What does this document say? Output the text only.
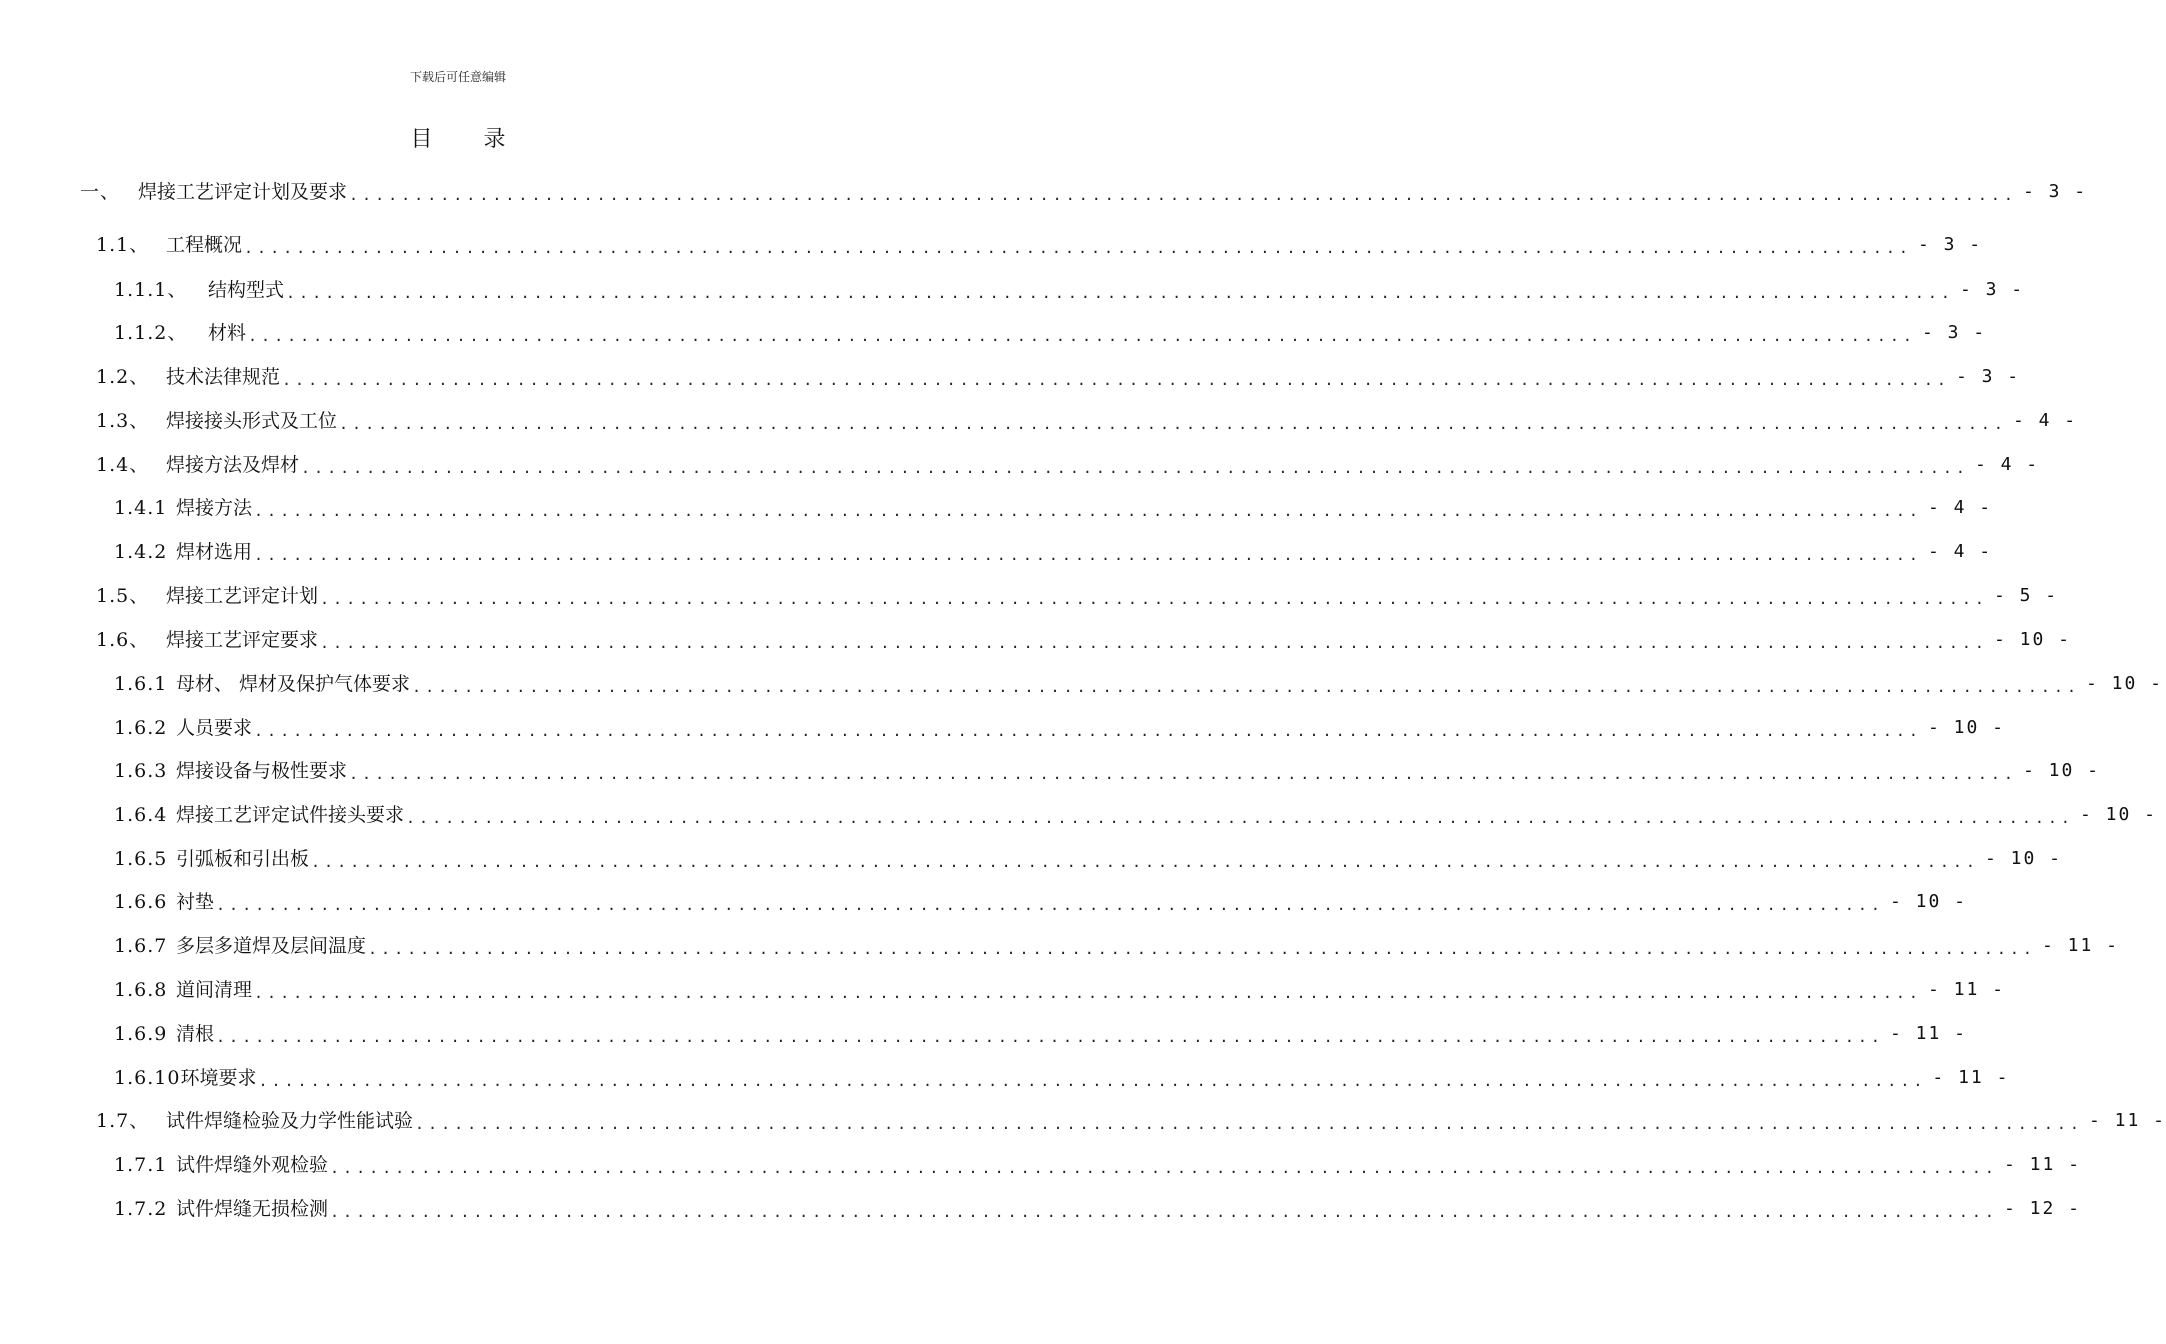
下载后可任意编辑
目 录
一、 焊接工艺评定计划及要求 ................................................................................................................................ - 3 -
1.1、 工程概况 ................................................................................................................................ - 3 -
1.1.1、	结构型式 ................................................................................................................................ - 3 -
1.1.2、	材料 ................................................................................................................................ - 3 -
1.2、 技术法律规范 ................................................................................................................................ - 3 -
1.3、 焊接接头形式及工位 ................................................................................................................................ - 4 -
1.4、 焊接方法及焊材 ................................................................................................................................ - 4 -
1.4.1 焊接方法 ................................................................................................................................ - 4 -
1.4.2 焊材选用 ................................................................................................................................ - 4 -
1.5、 焊接工艺评定计划 ................................................................................................................................ - 5 -
1.6、 焊接工艺评定要求 ................................................................................................................................ - 10 -
1.6.1 母材、 焊材及保护气体要求 ................................................................................................................................ - 10 -
1.6.2 人员要求 ................................................................................................................................ - 10 -
1.6.3 焊接设备与极性要求 ................................................................................................................................ - 10 -
1.6.4 焊接工艺评定试件接头要求 ................................................................................................................................ - 10 -
1.6.5 引弧板和引出板 ................................................................................................................................ - 10 -
1.6.6 衬垫 ................................................................................................................................ - 10 -
1.6.7 多层多道焊及层间温度 ................................................................................................................................ - 11 -
1.6.8 道间清理 ................................................................................................................................ - 11 -
1.6.9 清根 ................................................................................................................................ - 11 -
1.6.10 环境要求 ................................................................................................................................ - 11 -
1.7、 试件焊缝检验及力学性能试验 ................................................................................................................................ - 11 -
1.7.1 试件焊缝外观检验 ................................................................................................................................ - 11 -
1.7.2 试件焊缝无损检测 ................................................................................................................................ - 12 -
